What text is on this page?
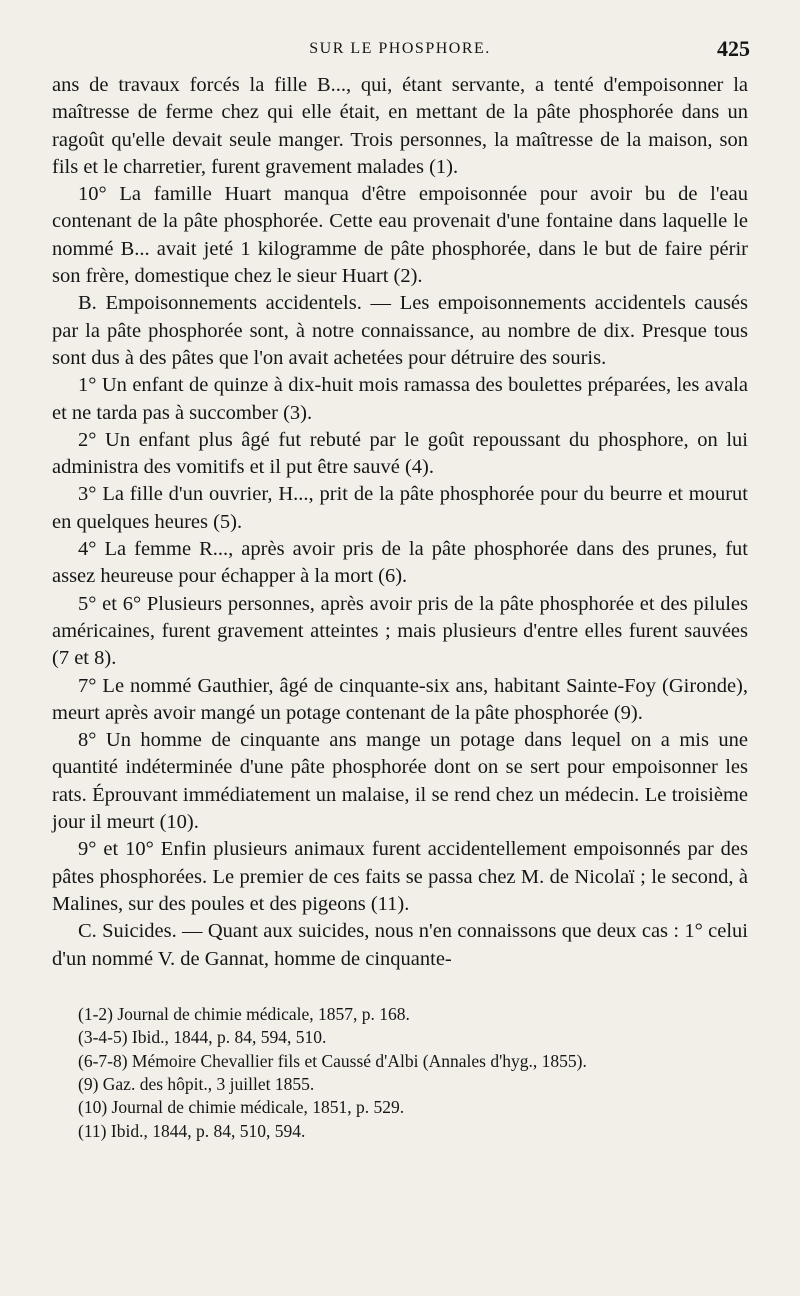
SUR LE PHOSPHORE.	425

ans de travaux forcés la fille B..., qui, étant servante, a tenté d'empoisonner la maîtresse de ferme chez qui elle était, en mettant de la pâte phosphorée dans un ragoût qu'elle devait seule manger. Trois personnes, la maîtresse de la maison, son fils et le charretier, furent gravement malades (1).

10° La famille Huart manqua d'être empoisonnée pour avoir bu de l'eau contenant de la pâte phosphorée. Cette eau provenait d'une fontaine dans laquelle le nommé B... avait jeté 1 kilogramme de pâte phosphorée, dans le but de faire périr son frère, domestique chez le sieur Huart (2).

B. Empoisonnements accidentels. — Les empoisonnements accidentels causés par la pâte phosphorée sont, à notre connaissance, au nombre de dix. Presque tous sont dus à des pâtes que l'on avait achetées pour détruire des souris.

1° Un enfant de quinze à dix-huit mois ramassa des boulettes préparées, les avala et ne tarda pas à succomber (3).

2° Un enfant plus âgé fut rebuté par le goût repoussant du phosphore, on lui administra des vomitifs et il put être sauvé (4).

3° La fille d'un ouvrier, H..., prit de la pâte phosphorée pour du beurre et mourut en quelques heures (5).

4° La femme R..., après avoir pris de la pâte phosphorée dans des prunes, fut assez heureuse pour échapper à la mort (6).

5° et 6° Plusieurs personnes, après avoir pris de la pâte phosphorée et des pilules américaines, furent gravement atteintes ; mais plusieurs d'entre elles furent sauvées (7 et 8).

7° Le nommé Gauthier, âgé de cinquante-six ans, habitant Sainte-Foy (Gironde), meurt après avoir mangé un potage contenant de la pâte phosphorée (9).

8° Un homme de cinquante ans mange un potage dans lequel on a mis une quantité indéterminée d'une pâte phosphorée dont on se sert pour empoisonner les rats. Éprouvant immédiatement un malaise, il se rend chez un médecin. Le troisième jour il meurt (10).

9° et 10° Enfin plusieurs animaux furent accidentellement empoisonnés par des pâtes phosphorées. Le premier de ces faits se passa chez M. de Nicolaï ; le second, à Malines, sur des poules et des pigeons (11).

C. Suicides. — Quant aux suicides, nous n'en connaissons que deux cas : 1° celui d'un nommé V. de Gannat, homme de cinquante-

(1-2) Journal de chimie médicale, 1857, p. 168.
(3-4-5) Ibid., 1844, p. 84, 594, 510.
(6-7-8) Mémoire Chevallier fils et Caussé d'Albi (Annales d'hyg., 1855).
(9) Gaz. des hôpit., 3 juillet 1855.
(10) Journal de chimie médicale, 1851, p. 529.
(11) Ibid., 1844, p. 84, 510, 594.
